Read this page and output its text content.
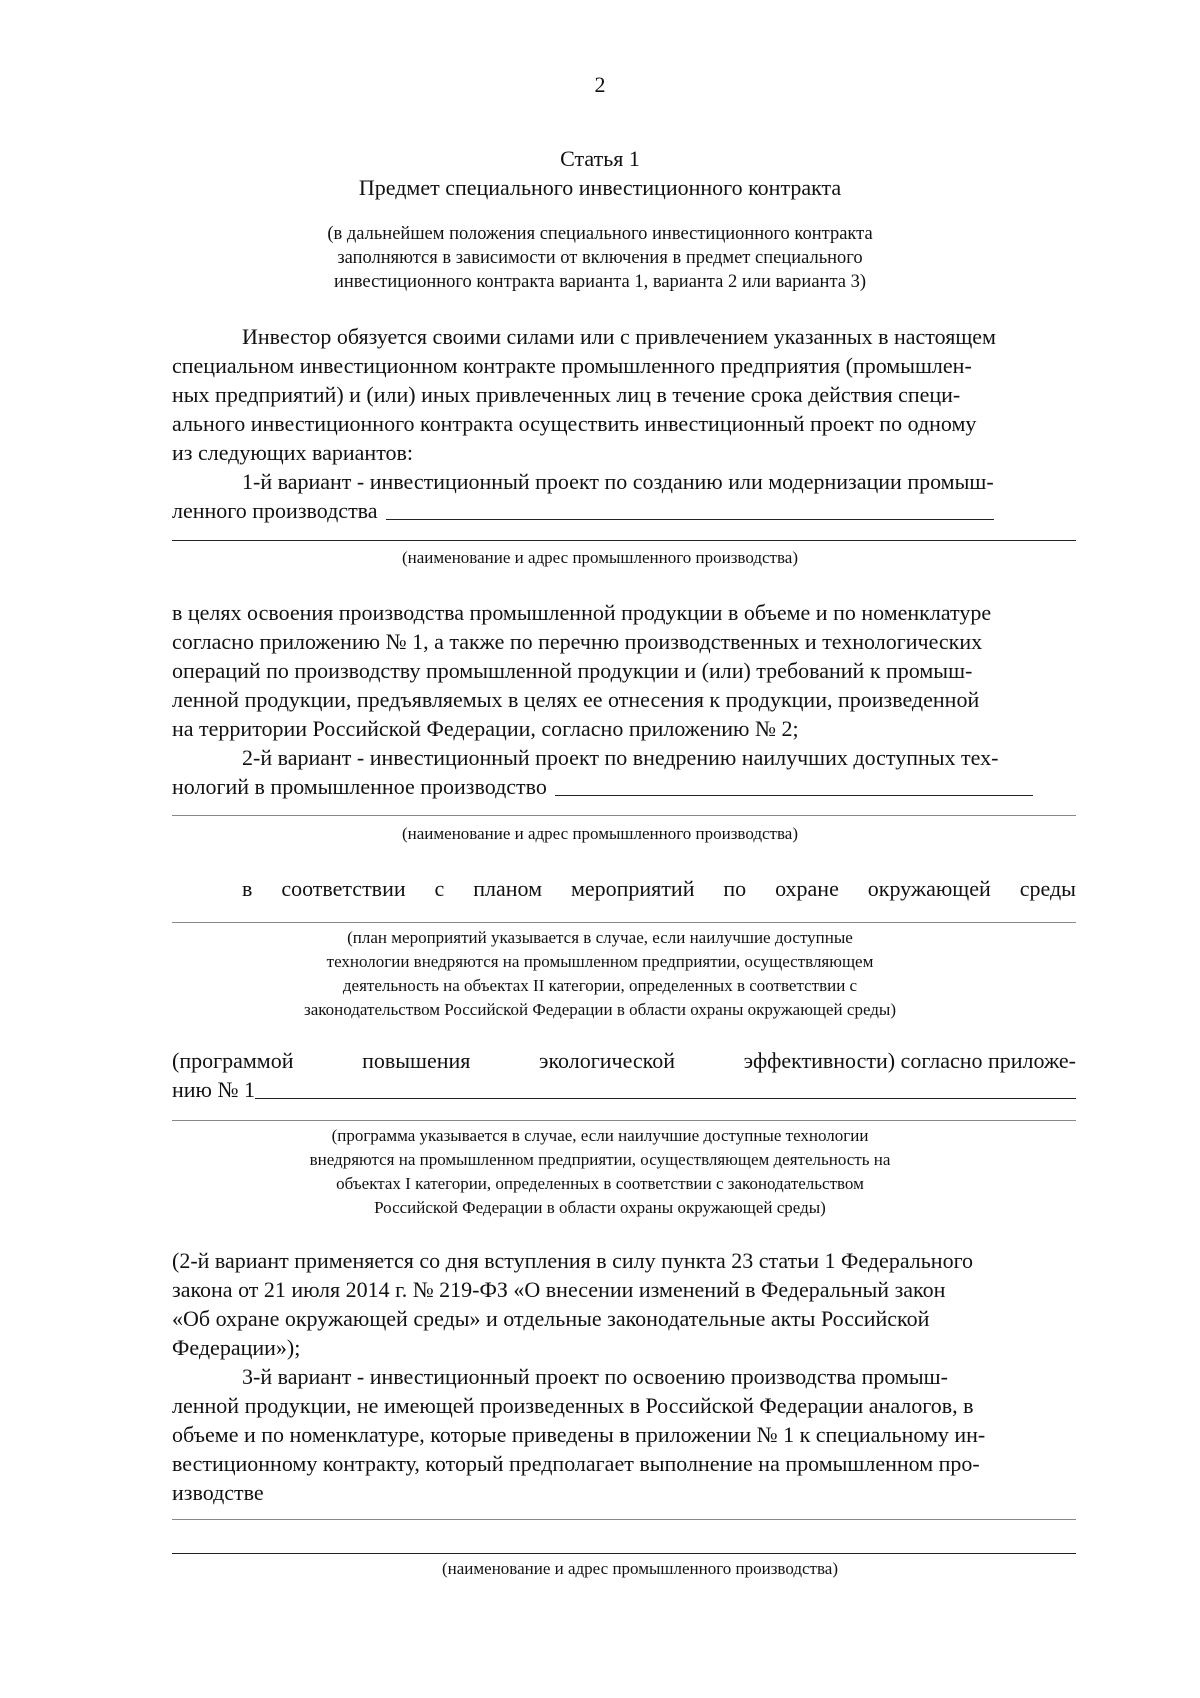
2
Статья 1
Предмет специального инвестиционного контракта
(в дальнейшем положения специального инвестиционного контракта
заполняются в зависимости от включения в предмет специального
инвестиционного контракта варианта 1, варианта 2 или варианта 3)
Инвестор обязуется своими силами или с привлечением указанных в настоящем
специальном инвестиционном контракте промышленного предприятия (промышлен-
ных предприятий) и (или) иных привлеченных лиц в течение срока действия специ-
ального инвестиционного контракта осуществить инвестиционный проект по одному
из следующих вариантов:
1-й вариант - инвестиционный проект по созданию или модернизации промыш-
ленного производства
(наименование и адрес промышленного производства)
в целях освоения производства промышленной продукции в объеме и по номенклатуре
согласно приложению № 1, а также по перечню производственных и технологических
операций по производству промышленной продукции и (или) требований к промыш-
ленной продукции, предъявляемых в целях ее отнесения к продукции, произведенной
на территории Российской Федерации, согласно приложению № 2;
2-й вариант - инвестиционный проект по внедрению наилучших доступных тех-
нологий в промышленное производство
(наименование и адрес промышленного производства)
в соответствии с планом мероприятий по охране окружающей среды
(план мероприятий указывается в случае, если наилучшие доступные
технологии внедряются на промышленном предприятии, осуществляющем
деятельность на объектах II категории, определенных в соответствии с
законодательством Российской Федерации в области охраны окружающей среды)
(программой	повышения	экологической	эффективности) согласно приложе-
нию № 1
(программа указывается в случае, если наилучшие доступные технологии
внедряются на промышленном предприятии, осуществляющем деятельность на
объектах I категории, определенных в соответствии с законодательством
Российской Федерации в области охраны окружающей среды)
(2-й вариант применяется со дня вступления в силу пункта 23 статьи 1 Федерального
закона от 21 июля 2014 г. № 219-ФЗ «О внесении изменений в Федеральный закон
«Об охране окружающей среды» и отдельные законодательные акты Российской
Федерации»);
3-й вариант - инвестиционный проект по освоению производства промыш-
ленной продукции, не имеющей произведенных в Российской Федерации аналогов, в
объеме и по номенклатуре, которые приведены в приложении № 1 к специальному ин-
вестиционному контракту, который предполагает выполнение на промышленном про-
изводстве
(наименование и адрес промышленного производства)
